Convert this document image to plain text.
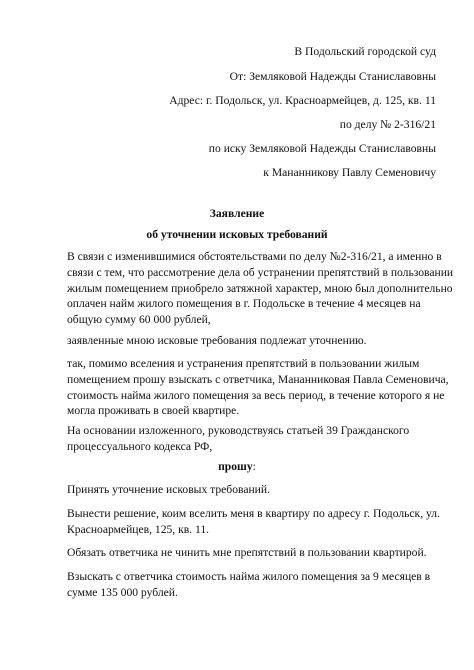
В Подольский городской суд
От: Земляковой Надежды Станиславовны
Адрес: г. Подольск, ул. Красноармейцев, д. 125, кв. 11
по делу № 2-316/21
по иску Земляковой Надежды Станиславовны
к Мананникову Павлу Семеновичу
Заявление
об уточнении исковых требований
В связи с изменившимися обстоятельствами по делу №2-316/21, а именно в
связи с тем, что рассмотрение дела об устранении препятствий в пользовании
жилым помещением приобрело затяжной характер, мною был дополнительно
оплачен найм жилого помещения в г. Подольске в течение 4 месяцев на
общую сумму 60 000 рублей,
заявленные мною исковые требования подлежат уточнению.
так, помимо вселения и устранения препятствий в пользовании жилым
помещением прошу взыскать с ответчика, Мананниковая Павла Семеновича,
стоимость найма жилого помещения за весь период, в течение которого я не
могла проживать в своей квартире.
На основании изложенного, руководствуясь статьей 39 Гражданского
процессуального кодекса РФ,
прошу:
Принять уточнение исковых требований.
Вынести решение, коим вселить меня в квартиру по адресу г. Подольск, ул.
Красноармейцев, 125, кв. 11.
Обязать ответчика не чинить мне препятствий в пользовании квартирой.
Взыскать с ответчика стоимость найма жилого помещения за 9 месяцев в
сумме 135 000 рублей.
